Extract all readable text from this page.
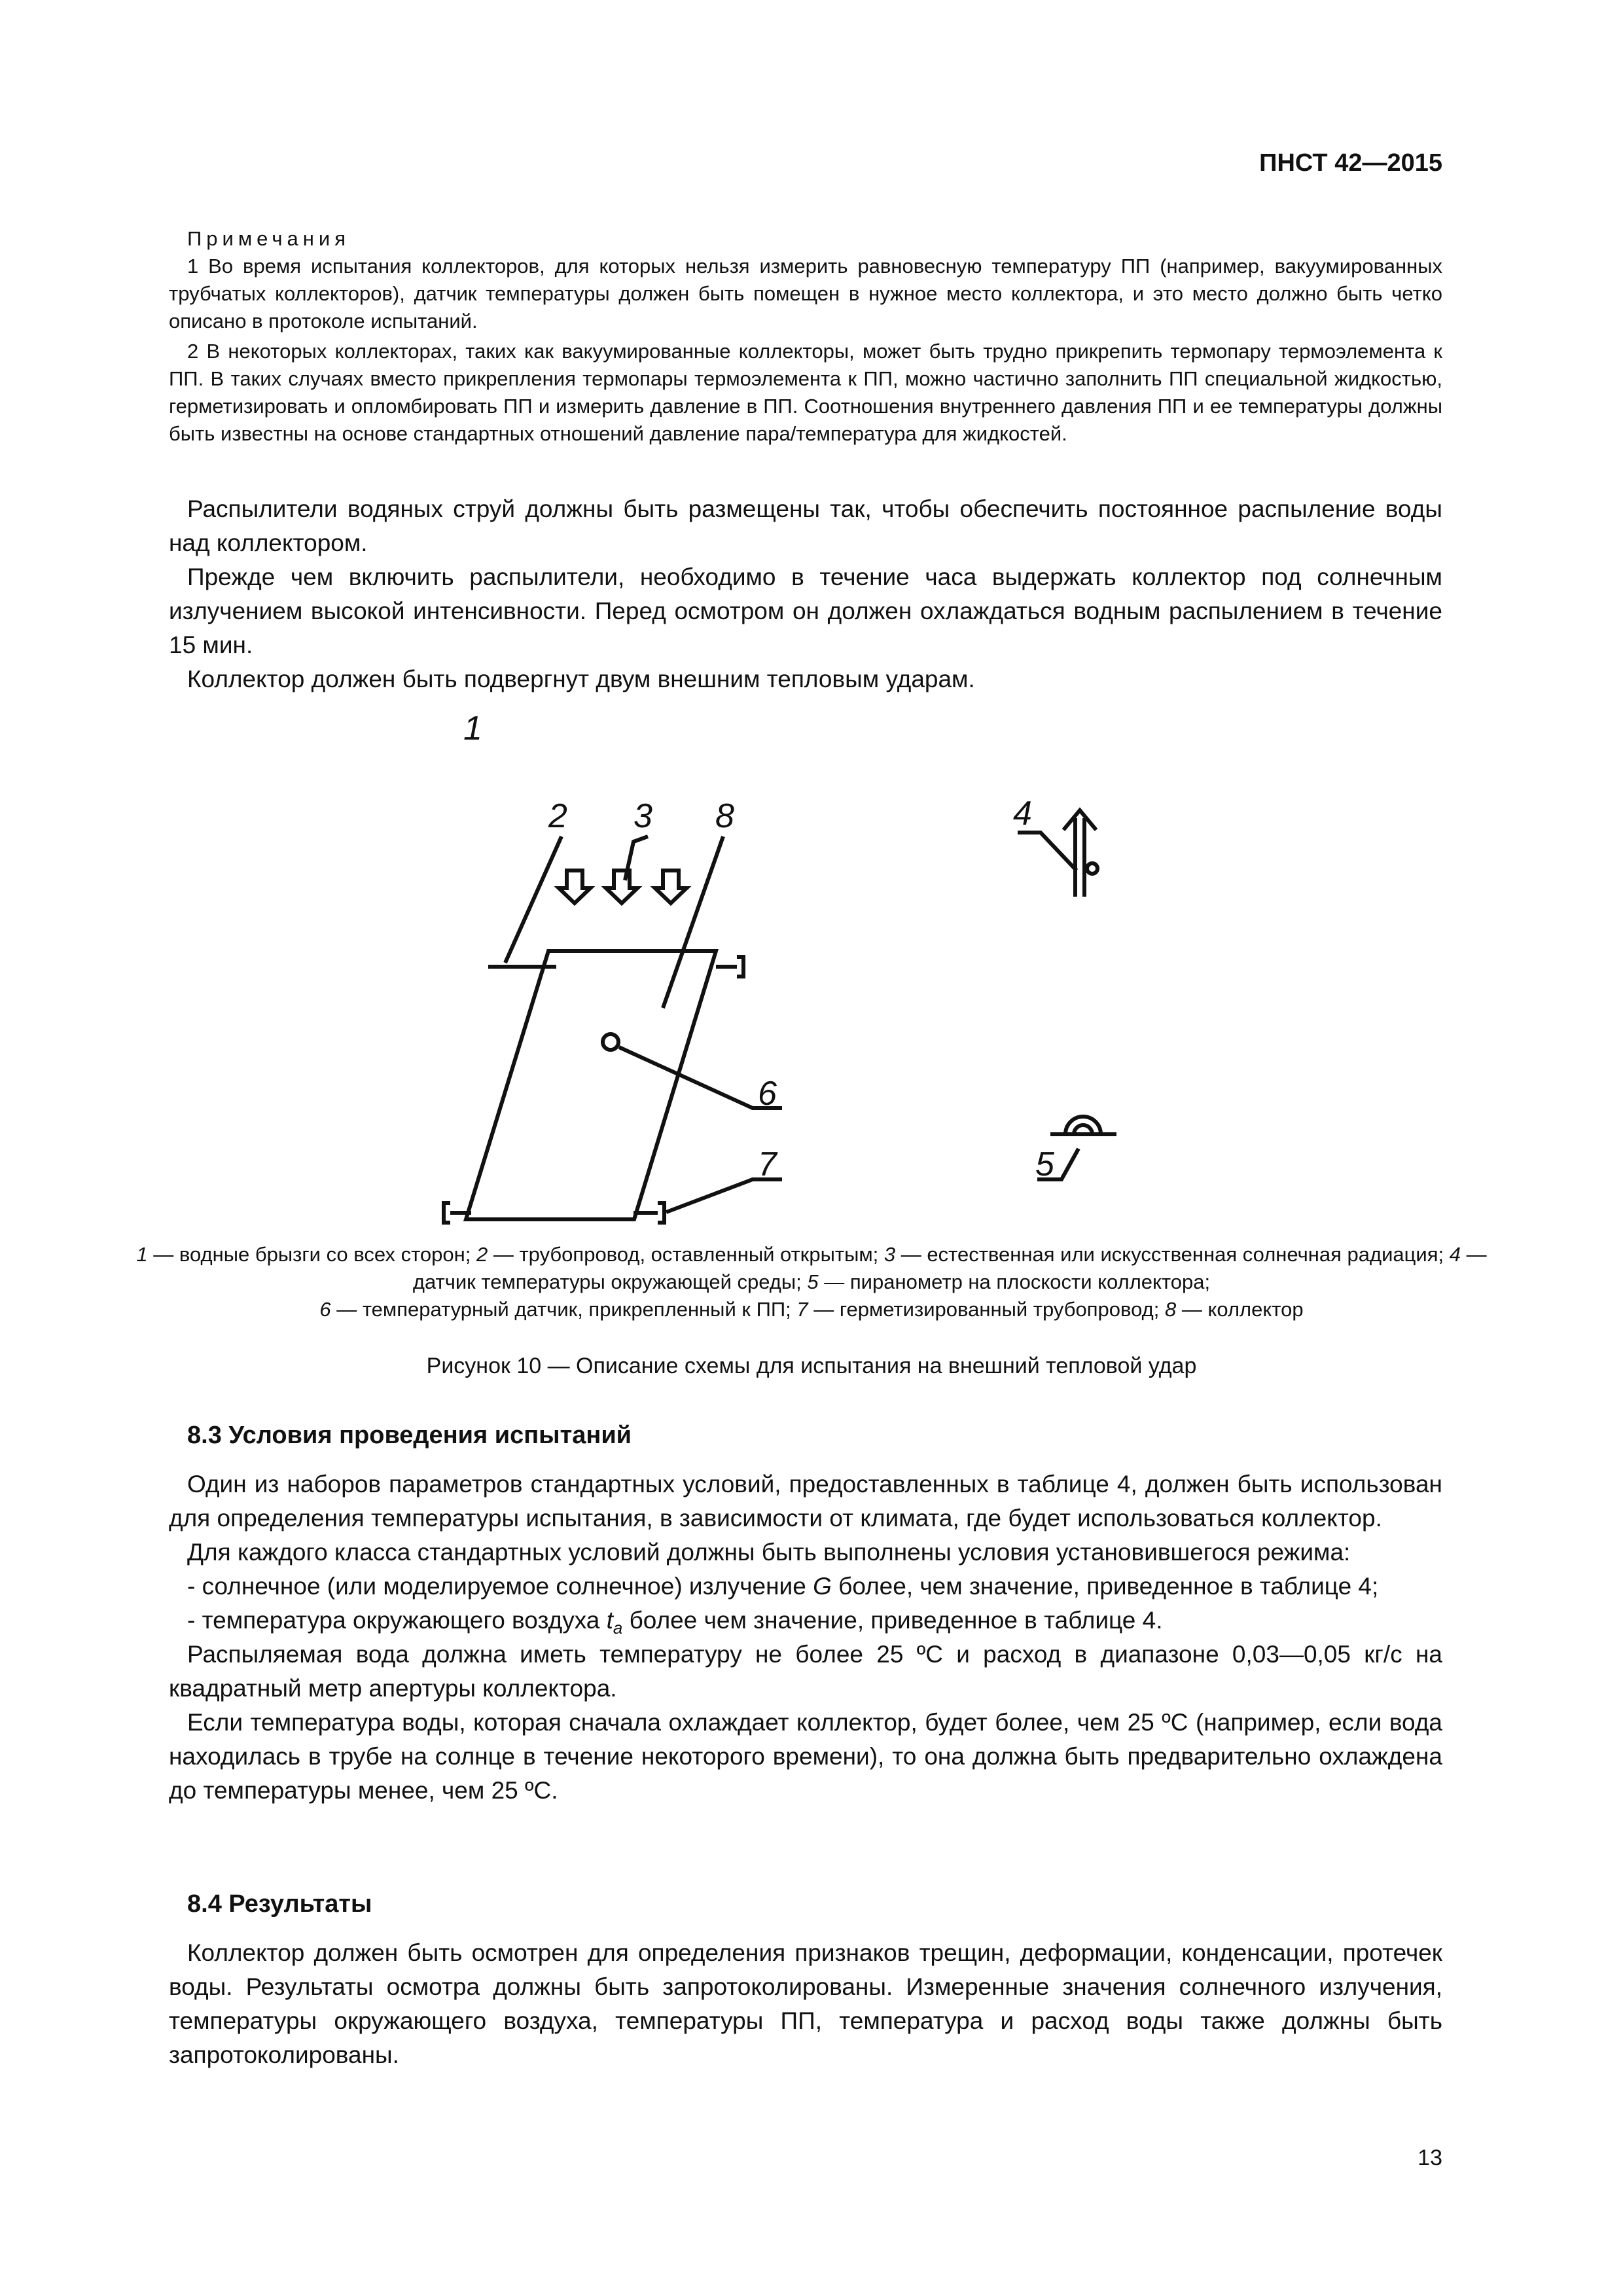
ПНСТ 42—2015
Примечания

1 Во время испытания коллекторов, для которых нельзя измерить равновесную температуру ПП (например, вакуумированных трубчатых коллекторов), датчик температуры должен быть помещен в нужное место коллектора, и это место должно быть четко описано в протоколе испытаний.

2 В некоторых коллекторах, таких как вакуумированные коллекторы, может быть трудно прикрепить термопару термоэлемента к ПП. В таких случаях вместо прикрепления термопары термоэлемента к ПП, можно частично заполнить ПП специальной жидкостью, герметизировать и опломбировать ПП и измерить давление в ПП. Соотношения внутреннего давления ПП и ее температуры должны быть известны на основе стандартных отношений давление пара/температура для жидкостей.

Распылители водяных струй должны быть размещены так, чтобы обеспечить постоянное распыление воды над коллектором.

Прежде чем включить распылители, необходимо в течение часа выдержать коллектор под солнечным излучением высокой интенсивности. Перед осмотром он должен охлаждаться водным распылением в течение 15 мин.

Коллектор должен быть подвергнут двум внешним тепловым ударам.

1
2 3 8	4
6
7	5
1 — водные брызги со всех сторон; 2 — трубопровод, оставленный открытым; 3 — естественная или искусственная солнечная радиация; 4 — датчик температуры окружающей среды; 5 — пиранометр на плоскости коллектора;
6 — температурный датчик, прикрепленный к ПП; 7 — герметизированный трубопровод; 8 — коллектор
Рисунок 10 — Описание схемы для испытания на внешний тепловой удар
8.3 Условия проведения испытаний

Один из наборов параметров стандартных условий, предоставленных в таблице 4, должен быть использован для определения температуры испытания, в зависимости от климата, где будет использоваться коллектор.

Для каждого класса стандартных условий должны быть выполнены условия установившегося режима:

- солнечное (или моделируемое солнечное) излучение G более, чем значение, приведенное в таблице 4;

- температура окружающего воздуха $t_a$ более чем значение, приведенное в таблице 4.

Распыляемая вода должна иметь температуру не более 25 ºС и расход в диапазоне 0,03—0,05 кг/с на квадратный метр апертуры коллектора.

Если температура воды, которая сначала охлаждает коллектор, будет более, чем 25 ºС (например, если вода находилась в трубе на солнце в течение некоторого времени), то она должна быть предварительно охлаждена до температуры менее, чем 25 ºС.

8.4 Результаты

Коллектор должен быть осмотрен для определения признаков трещин, деформации, конденсации, протечек воды. Результаты осмотра должны быть запротоколированы. Измеренные значения солнечного излучения, температуры окружающего воздуха, температуры ПП, температура и расход воды также должны быть запротоколированы.

13
